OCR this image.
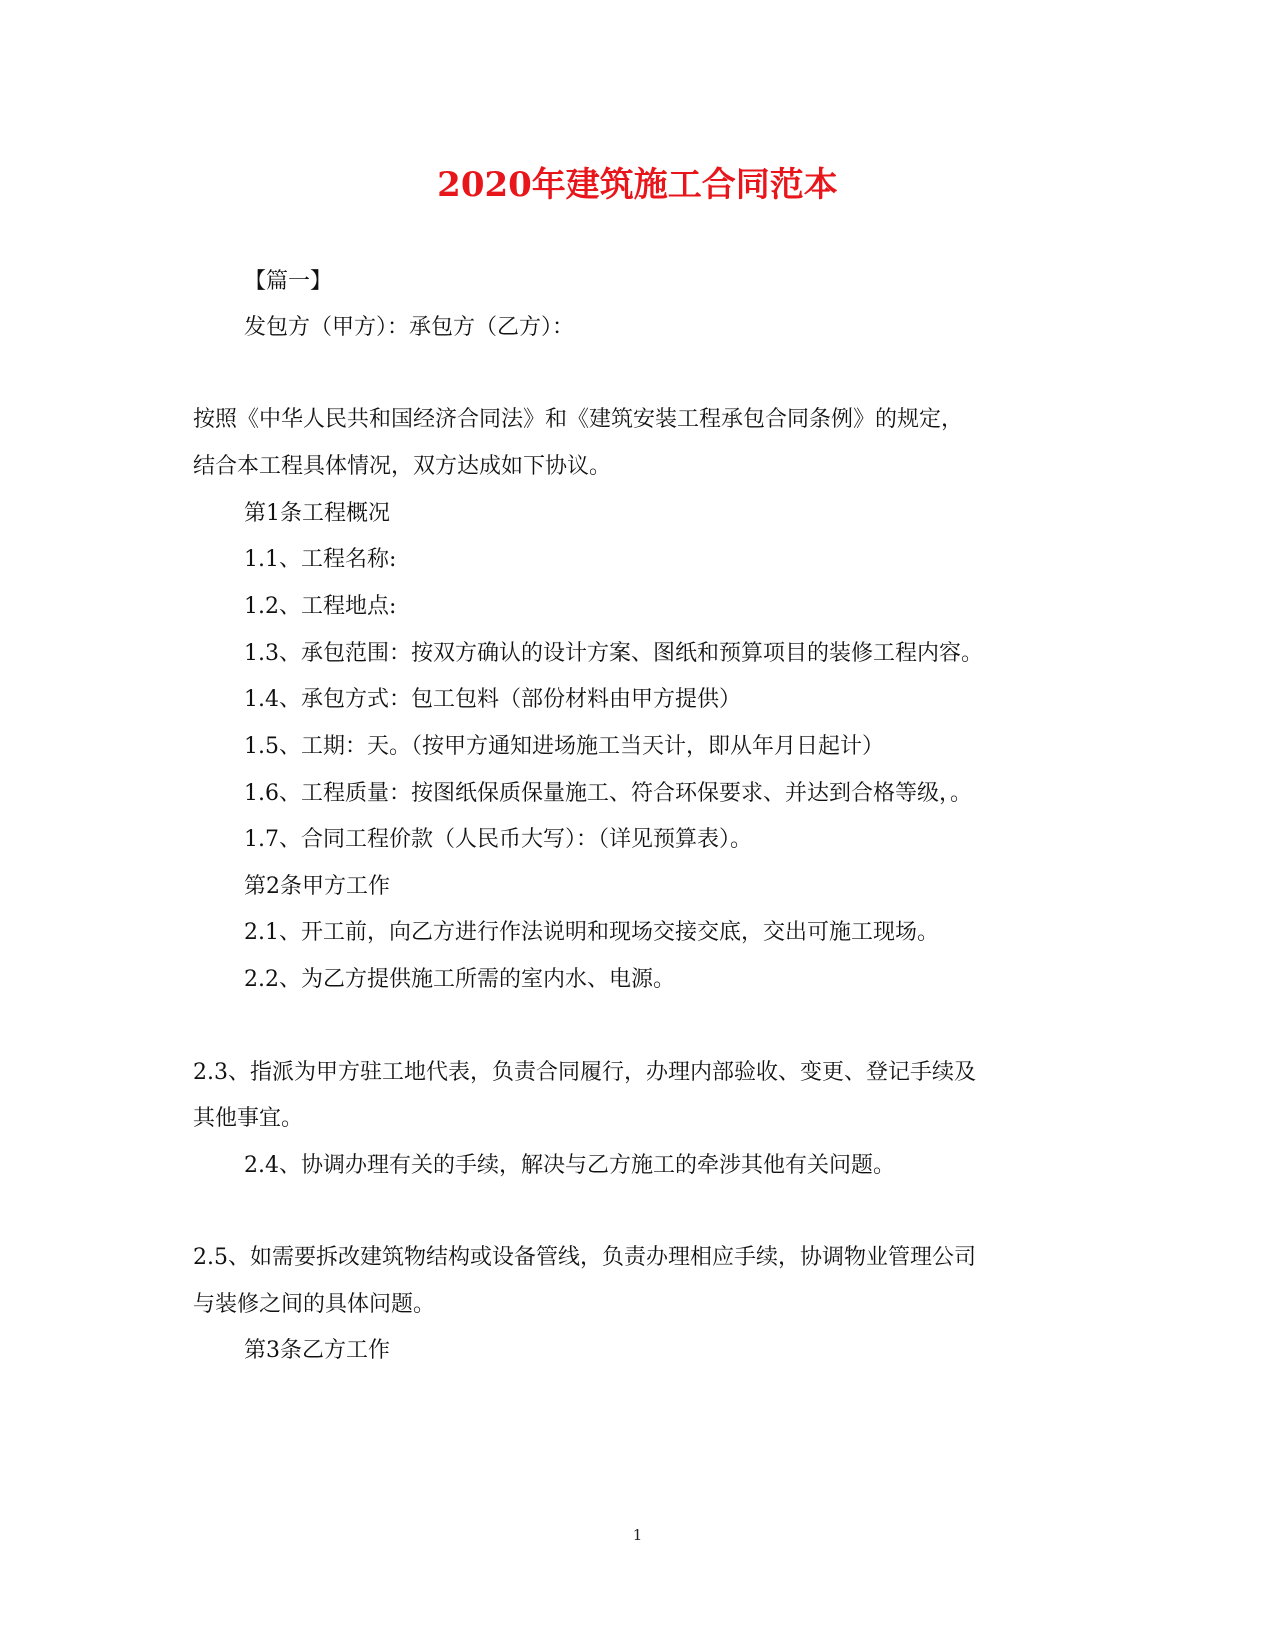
2020年建筑施工合同范本
【篇一】
发包方（甲方）：承包方（乙方）：
按照《中华人民共和国经济合同法》和《建筑安装工程承包合同条例》的规定，
结合本工程具体情况，双方达成如下协议。
第1条工程概况
1.1、工程名称:
1.2、工程地点:
1.3、承包范围：按双方确认的设计方案、图纸和预算项目的装修工程内容。
1.4、承包方式：包工包料（部份材料由甲方提供）
1.5、工期：天。（按甲方通知进场施工当天计，即从年月日起计）
1.6、工程质量：按图纸保质保量施工、符合环保要求、并达到合格等级，。
1.7、合同工程价款（人民币大写）：（详见预算表）。
第2条甲方工作
2.1、开工前，向乙方进行作法说明和现场交接交底，交出可施工现场。
2.2、为乙方提供施工所需的室内水、电源。
2.3、指派为甲方驻工地代表，负责合同履行，办理内部验收、变更、登记手续及
其他事宜。
2.4、协调办理有关的手续，解决与乙方施工的牵涉其他有关问题。
2.5、如需要拆改建筑物结构或设备管线，负责办理相应手续，协调物业管理公司
与装修之间的具体问题。
第3条乙方工作
1
